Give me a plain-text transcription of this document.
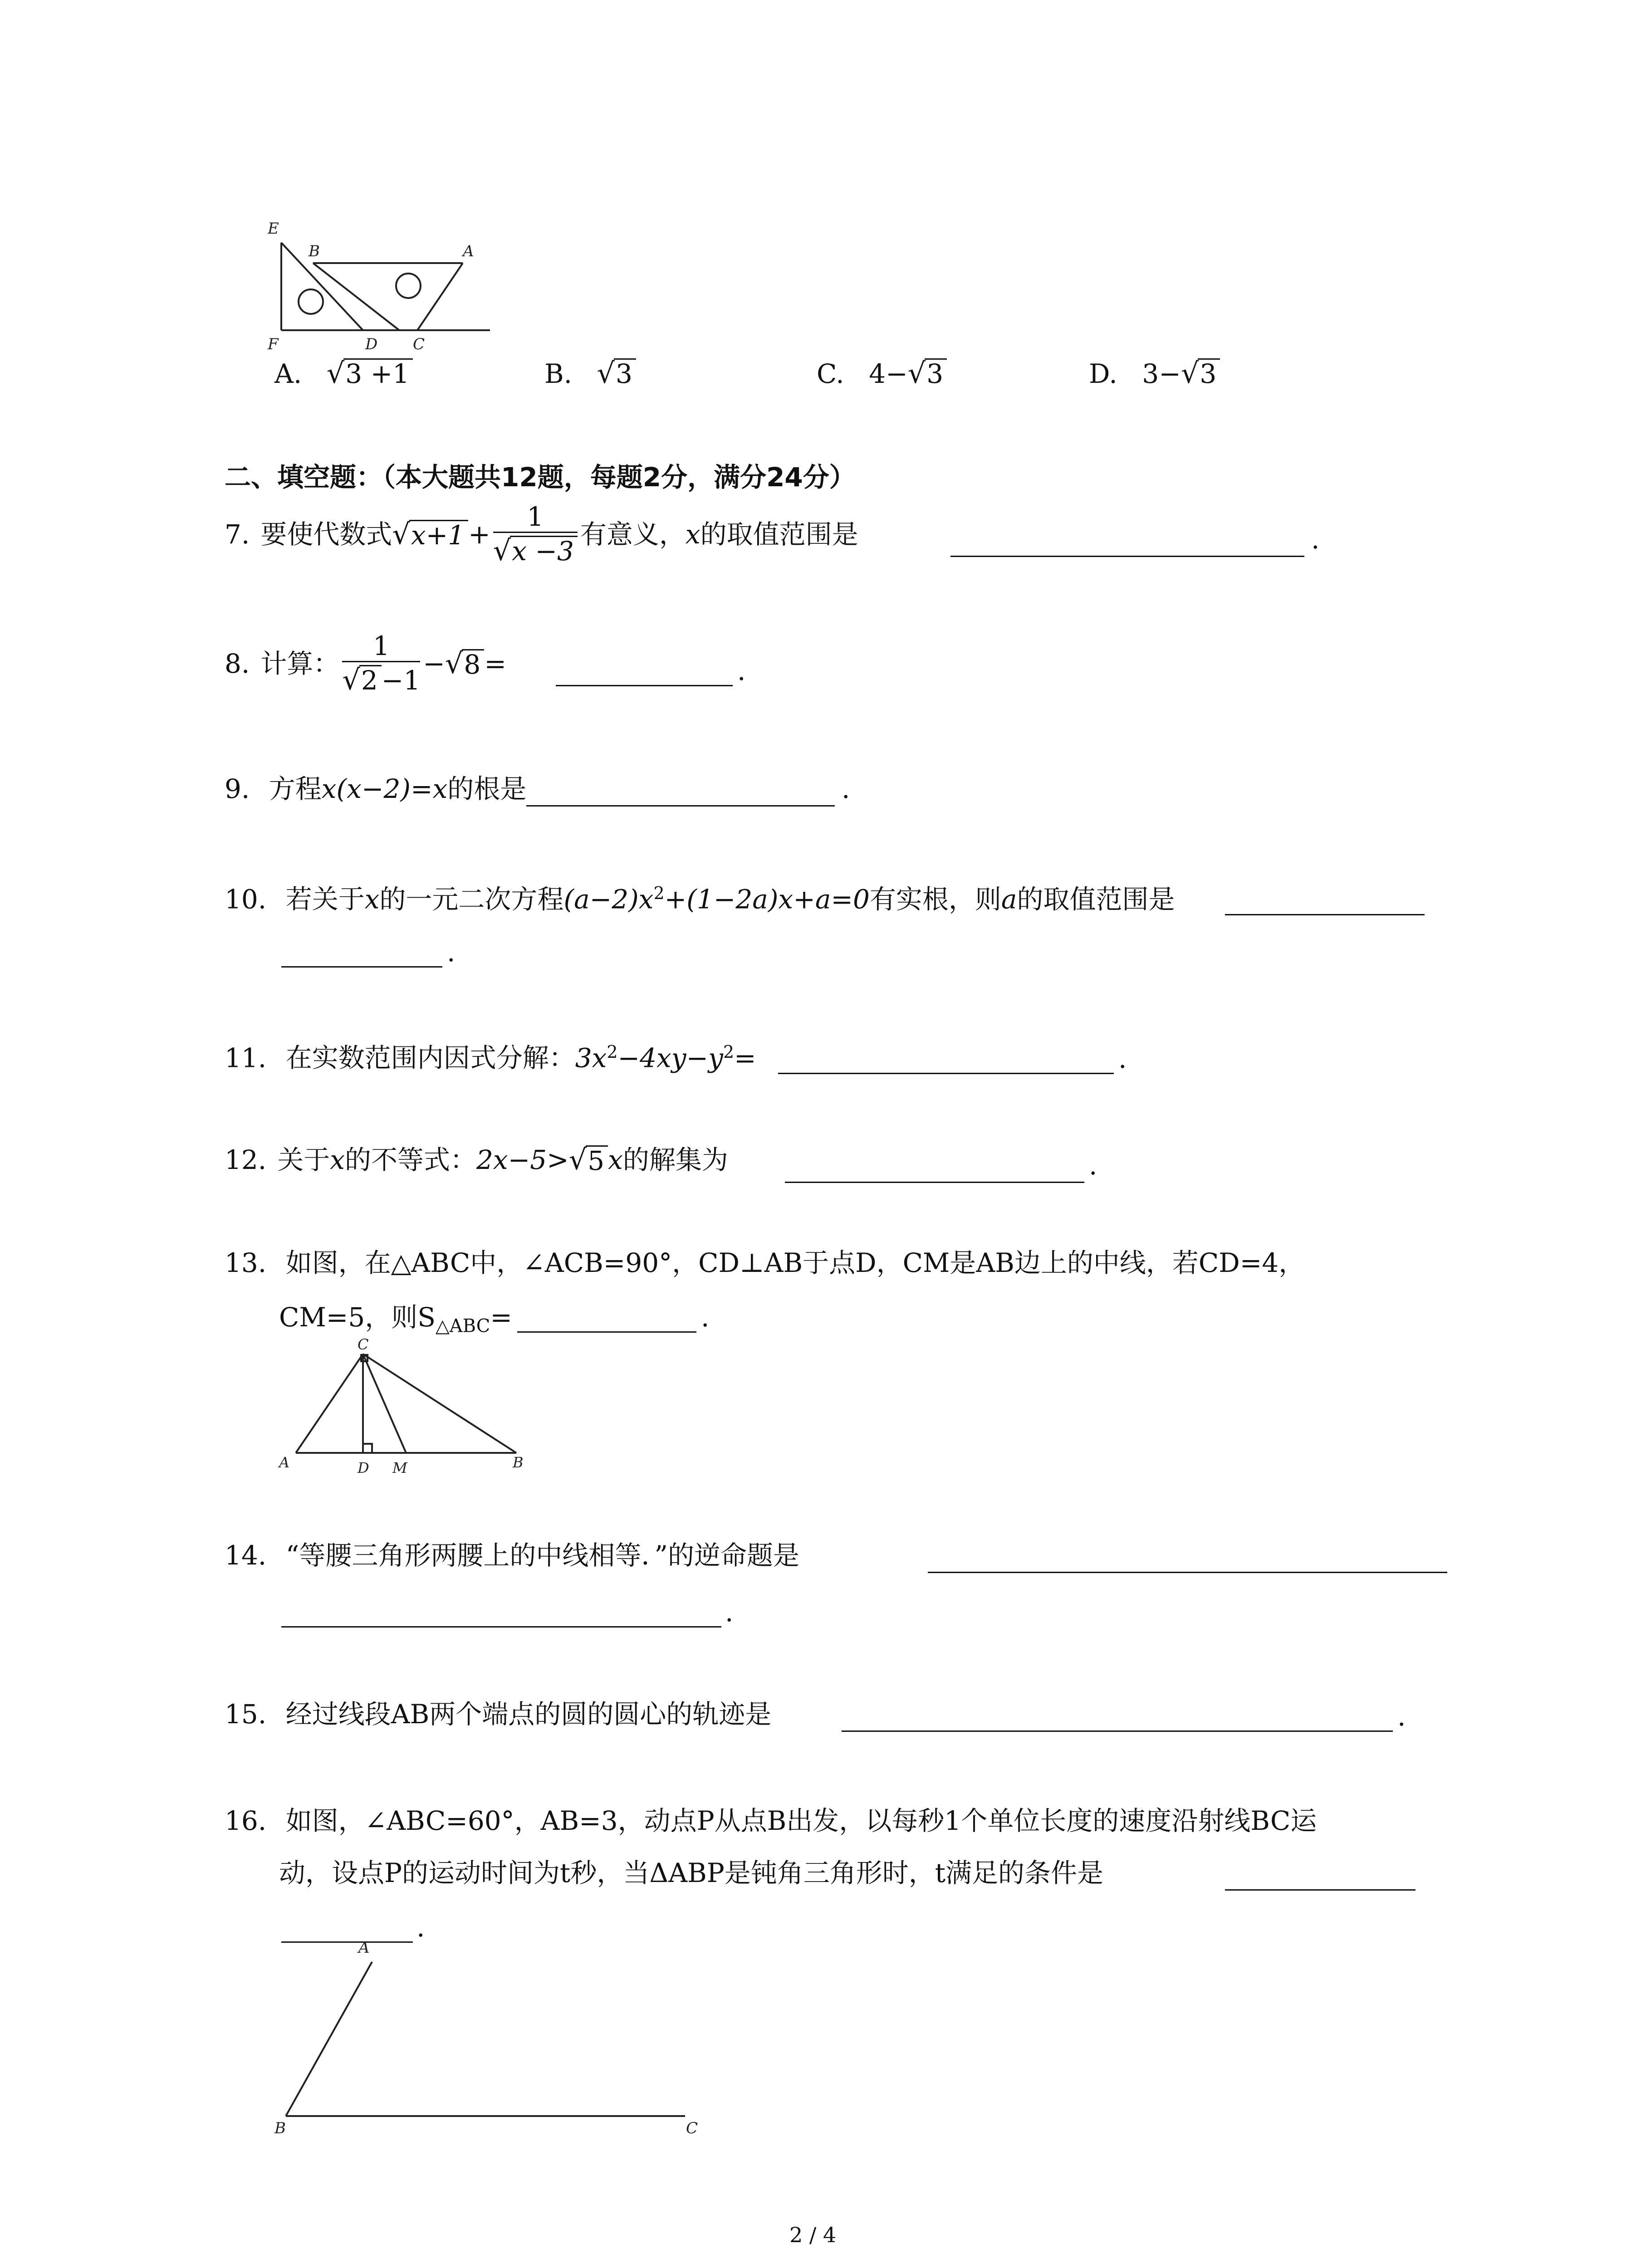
E
B	A
F	D C
A. √3 +1	B. √3	C. 4−√3	D. 3−√3
二、填空题：（本大题共12题，每题2分，满分24分）
7. 要使代数式 √ $x+1 + \frac{1}{√x -3}$ 有意义， x 的取值范围是	.
8. 计算： $\frac{1}{√2 -1}$ − √ 8 =	.
9. 方程x(x−2)=x的根是	.
10. 若关于x的一元二次方程$(a-2)x^2+(1-2a)x+a=0$有实根，则a的取值范围是
.
11. 在实数范围内因式分解：$3x^2-4xy-y^2=$	.
12. 关于 x 的不等式： 2x−5> √ 5 x 的解集为	.
13. 如图，在△ABC中，∠ACB=90°，CD⊥AB于点D，CM是AB边上的中线，若CD=4，
CM=5，则$S_{\triangle ABC}=$	.
C
A	D M	B
14. “等腰三角形两腰上的中线相等．”的逆命题是
.
15. 经过线段AB两个端点的圆的圆心的轨迹是	.
16. 如图，∠ABC=60°，AB=3，动点P从点B出发，以每秒1个单位长度的速度沿射线BC运
动，设点P的运动时间为t秒，当ΔABP是钝角三角形时，t满足的条件是
.
A
B	C
2 / 4
